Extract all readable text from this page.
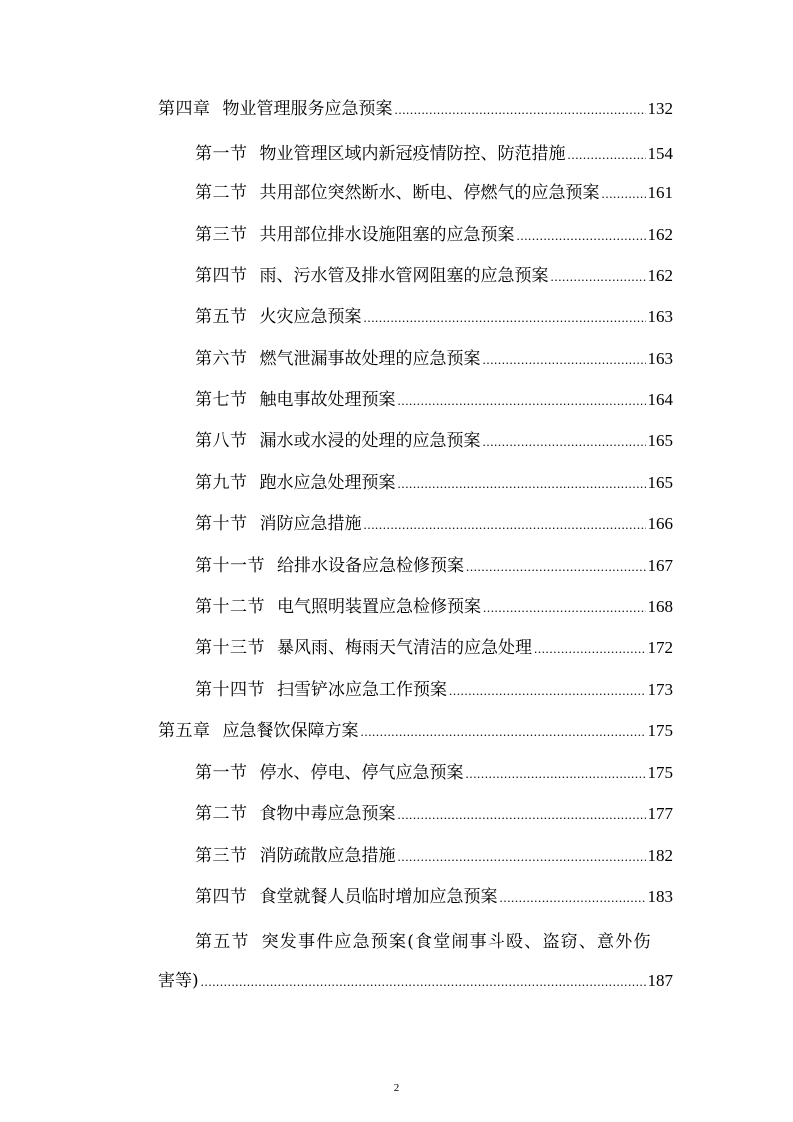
第四章 物业管理服务应急预案 .....	132
第一节 物业管理区域内新冠疫情防控、防范措施 .....	154
第二节 共用部位突然断水、断电、停燃气的应急预案 .....	161
第三节 共用部位排水设施阻塞的应急预案 .....	162
第四节 雨、污水管及排水管网阻塞的应急预案 .....	162
第五节 火灾应急预案 .....	163
第六节 燃气泄漏事故处理的应急预案 .....	163
第七节 触电事故处理预案 .....	164
第八节 漏水或水浸的处理的应急预案 .....	165
第九节 跑水应急处理预案 .....	165
第十节 消防应急措施 .....	166
第十一节 给排水设备应急检修预案 .....	167
第十二节 电气照明装置应急检修预案 .....	168
第十三节 暴风雨、梅雨天气清洁的应急处理 .....	172
第十四节 扫雪铲冰应急工作预案 .....	173
第五章 应急餐饮保障方案 .....	175
第一节 停水、停电、停气应急预案 .....	175
第二节 食物中毒应急预案 .....	177
第三节 消防疏散应急措施 .....	182
第四节 食堂就餐人员临时增加应急预案 .....	183
第五节 突发事件应急预案(食堂闹事斗殴、盗窃、意外伤
害等) .....	187
2
